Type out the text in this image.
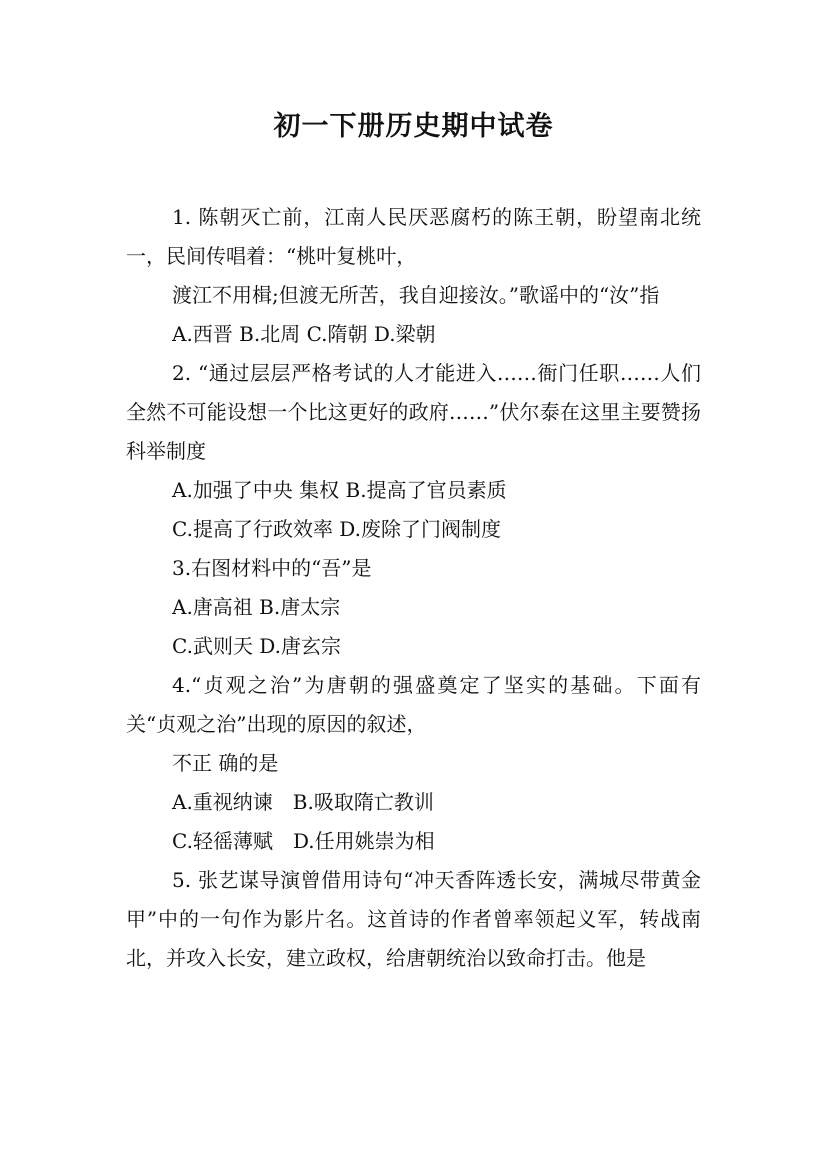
初一下册历史期中试卷

1. 陈朝灭亡前，江南人民厌恶腐朽的陈王朝，盼望南北统一，民间传唱着：“桃叶复桃叶，

渡江不用楫;但渡无所苦，我自迎接汝。”歌谣中的“汝”指

A.西晋 B.北周 C.隋朝 D.梁朝

2. “通过层层严格考试的人才能进入……衙门任职……人们全然不可能设想一个比这更好的政府……”伏尔泰在这里主要赞扬科举制度

A.加强了中央 集权 B.提高了官员素质

C.提高了行政效率 D.废除了门阀制度

3.右图材料中的“吾”是

A.唐高祖 B.唐太宗

C.武则天 D.唐玄宗

4.“贞观之治”为唐朝的强盛奠定了坚实的基础。下面有关“贞观之治”出现的原因的叙述，

不正 确的是

A.重视纳谏　B.吸取隋亡教训

C.轻徭薄赋　D.任用姚崇为相

5. 张艺谋导演曾借用诗句“冲天香阵透长安，满城尽带黄金甲”中的一句作为影片名。这首诗的作者曾率领起义军，转战南北，并攻入长安，建立政权，给唐朝统治以致命打击。他是
